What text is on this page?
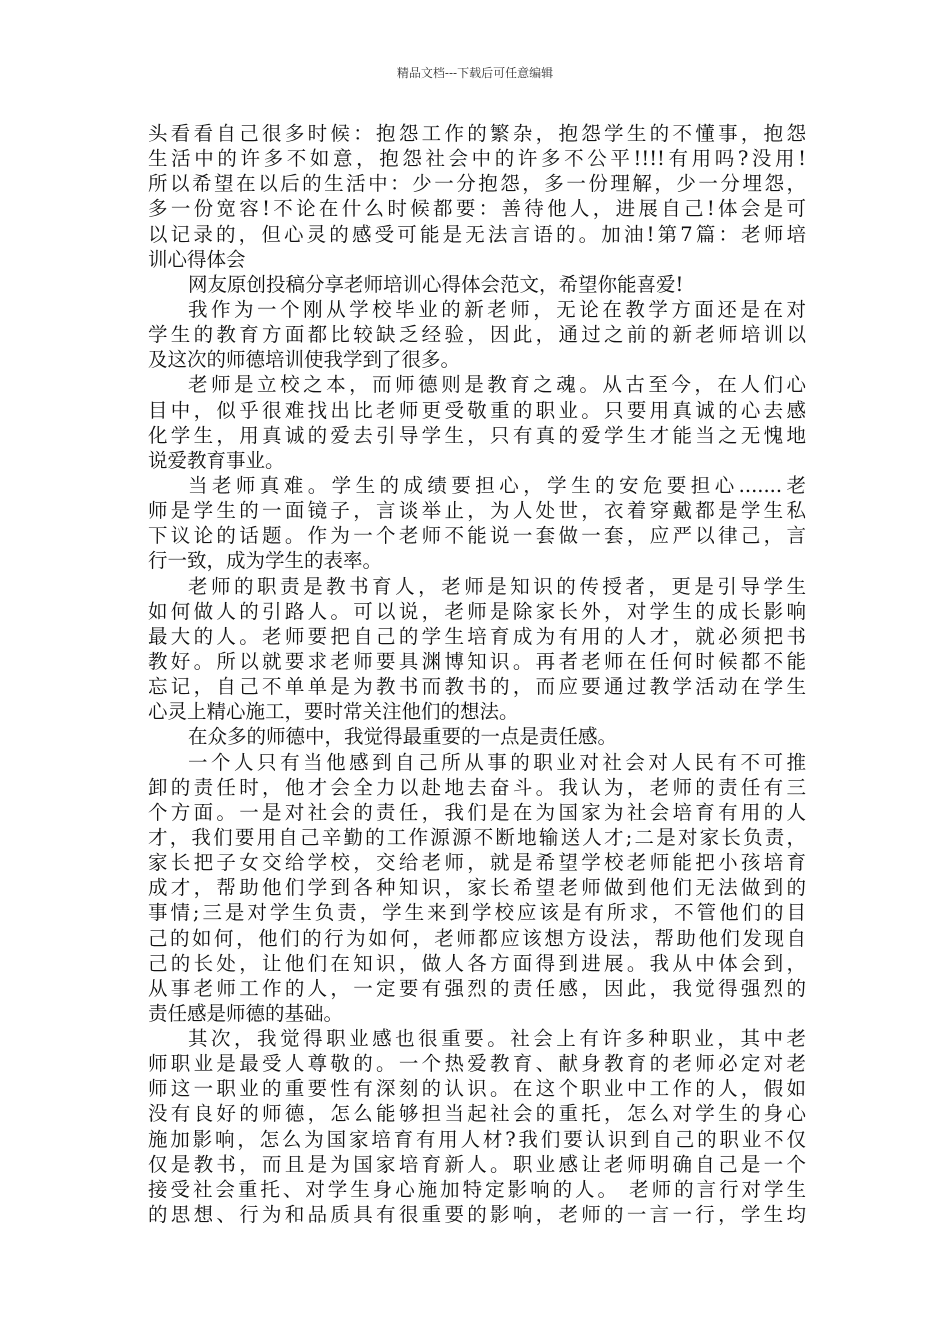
精品文档---下载后可任意编辑
头看看自己很多时候：抱怨工作的繁杂，抱怨学生的不懂事，抱怨
生活中的许多不如意，抱怨社会中的许多不公平!!!!有用吗?没用!
所以希望在以后的生活中：少一分抱怨，多一份理解，少一分埋怨，
多一份宽容!不论在什么时候都要：善待他人，进展自己!体会是可
以记录的，但心灵的感受可能是无法言语的。加油!第7篇：老师培
训心得体会
网友原创投稿分享老师培训心得体会范文，希望你能喜爱!
我作为一个刚从学校毕业的新老师，无论在教学方面还是在对
学生的教育方面都比较缺乏经验，因此，通过之前的新老师培训以
及这次的师德培训使我学到了很多。
老师是立校之本，而师德则是教育之魂。从古至今，在人们心
目中，似乎很难找出比老师更受敬重的职业。只要用真诚的心去感
化学生，用真诚的爱去引导学生，只有真的爱学生才能当之无愧地
说爱教育事业。
当老师真难。学生的成绩要担心，学生的安危要担心.......老
师是学生的一面镜子，言谈举止，为人处世，衣着穿戴都是学生私
下议论的话题。作为一个老师不能说一套做一套，应严以律己，言
行一致，成为学生的表率。
老师的职责是教书育人，老师是知识的传授者，更是引导学生
如何做人的引路人。可以说，老师是除家长外，对学生的成长影响
最大的人。老师要把自己的学生培育成为有用的人才，就必须把书
教好。所以就要求老师要具渊博知识。再者老师在任何时候都不能
忘记，自己不单单是为教书而教书的，而应要通过教学活动在学生
心灵上精心施工，要时常关注他们的想法。
在众多的师德中，我觉得最重要的一点是责任感。
一个人只有当他感到自己所从事的职业对社会对人民有不可推
卸的责任时，他才会全力以赴地去奋斗。我认为，老师的责任有三
个方面。一是对社会的责任，我们是在为国家为社会培育有用的人
才，我们要用自己辛勤的工作源源不断地输送人才;二是对家长负责，
家长把子女交给学校，交给老师，就是希望学校老师能把小孩培育
成才，帮助他们学到各种知识，家长希望老师做到他们无法做到的
事情;三是对学生负责，学生来到学校应该是有所求，不管他们的目
己的如何，他们的行为如何，老师都应该想方设法，帮助他们发现自
己的长处，让他们在知识，做人各方面得到进展。我从中体会到，
从事老师工作的人，一定要有强烈的责任感，因此，我觉得强烈的
责任感是师德的基础。
其次，我觉得职业感也很重要。社会上有许多种职业，其中老
师职业是最受人尊敬的。一个热爱教育、献身教育的老师必定对老
师这一职业的重要性有深刻的认识。在这个职业中工作的人，假如
没有良好的师德，怎么能够担当起社会的重托，怎么对学生的身心
施加影响，怎么为国家培育有用人材?我们要认识到自己的职业不仅
仅是教书，而且是为国家培育新人。职业感让老师明确自己是一个
接受社会重托、对学生身心施加特定影响的人。 老师的言行对学生
的思想、行为和品质具有很重要的影响，老师的一言一行，学生均
